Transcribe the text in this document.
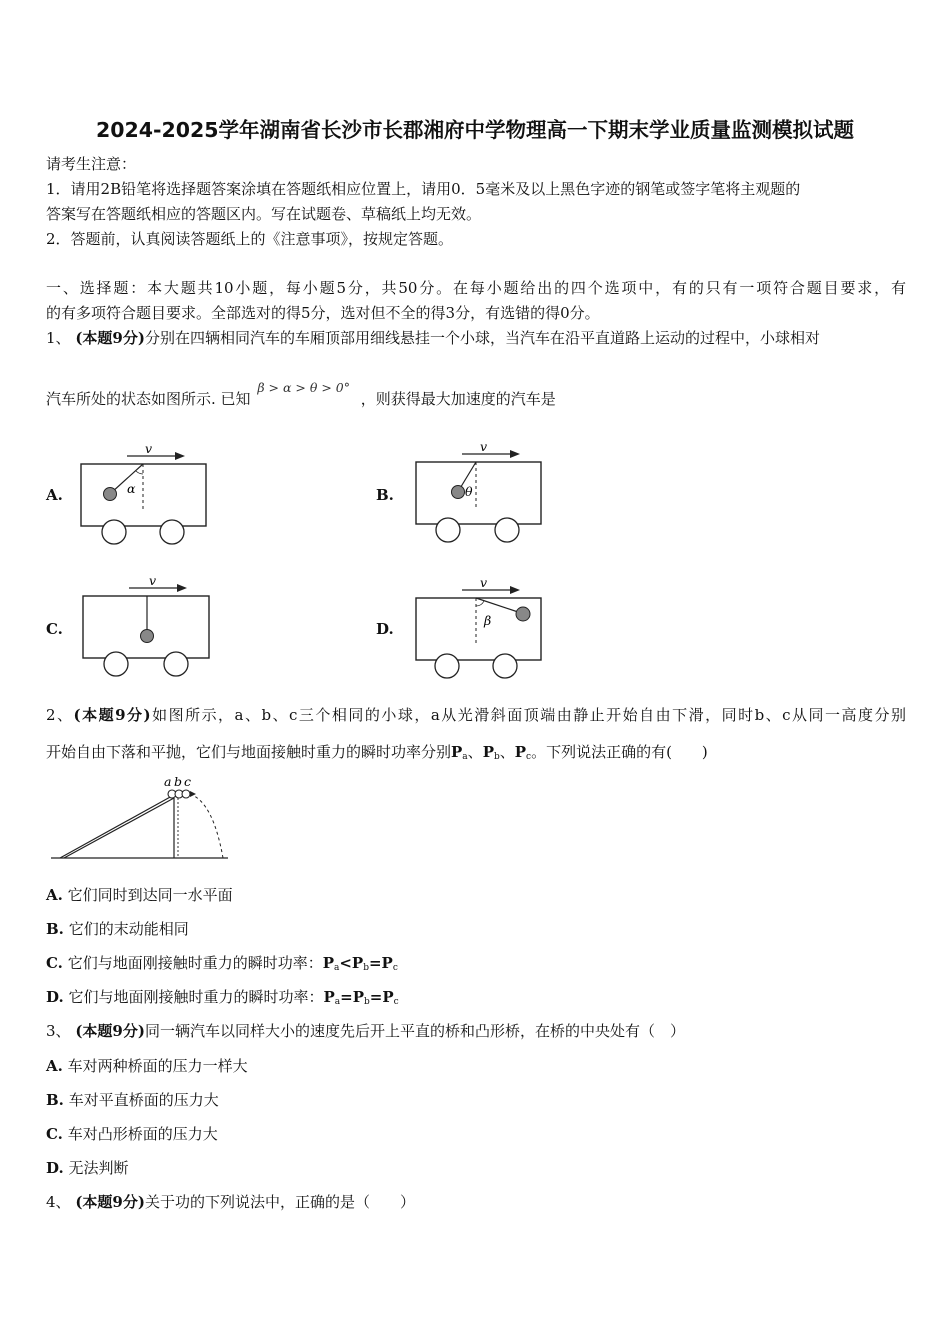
2024-2025学年湖南省长沙市长郡湘府中学物理高一下期末学业质量监测模拟试题
请考生注意：
1．请用2B铅笔将选择题答案涂填在答题纸相应位置上，请用0．5毫米及以上黑色字迹的钢笔或签字笔将主观题的
答案写在答题纸相应的答题区内。写在试题卷、草稿纸上均无效。
2．答题前，认真阅读答题纸上的《注意事项》，按规定答题。
一、选择题：本大题共10小题，每小题5分，共50分。在每小题给出的四个选项中，有的只有一项符合题目要求，有
的有多项符合题目要求。全部选对的得5分，选对但不全的得3分，有选错的得0分。
1、 (本题9分)分别在四辆相同汽车的车厢顶部用细线悬挂一个小球，当汽车在沿平直道路上运动的过程中，小球相对
汽车所处的状态如图所示. 已知 $^{\beta > \alpha > \theta > 0^\circ}$ ，则获得最大加速度的汽车是
A.	B.
C.	D.
v
α
v
θ
v	v
β
2、(本题9分)如图所示，a、b、c三个相同的小球，a从光滑斜面顶端由静止开始自由下滑，同时b、c从同一高度分别
开始自由下落和平抛，它们与地面接触时重力的瞬时功率分别$P_a$、$P_b$、$P_c$。下列说法正确的有(　　)
a b c
A. 它们同时到达同一水平面
B. 它们的末动能相同
C. 它们与地面刚接触时重力的瞬时功率：$P_a<P_b=P_c$
D. 它们与地面刚接触时重力的瞬时功率：$P_a=P_b=P_c$
3、 (本题9分)同一辆汽车以同样大小的速度先后开上平直的桥和凸形桥，在桥的中央处有（　）
A. 车对两种桥面的压力一样大
B. 车对平直桥面的压力大
C. 车对凸形桥面的压力大
D. 无法判断
4、 (本题9分)关于功的下列说法中，正确的是（　　）
